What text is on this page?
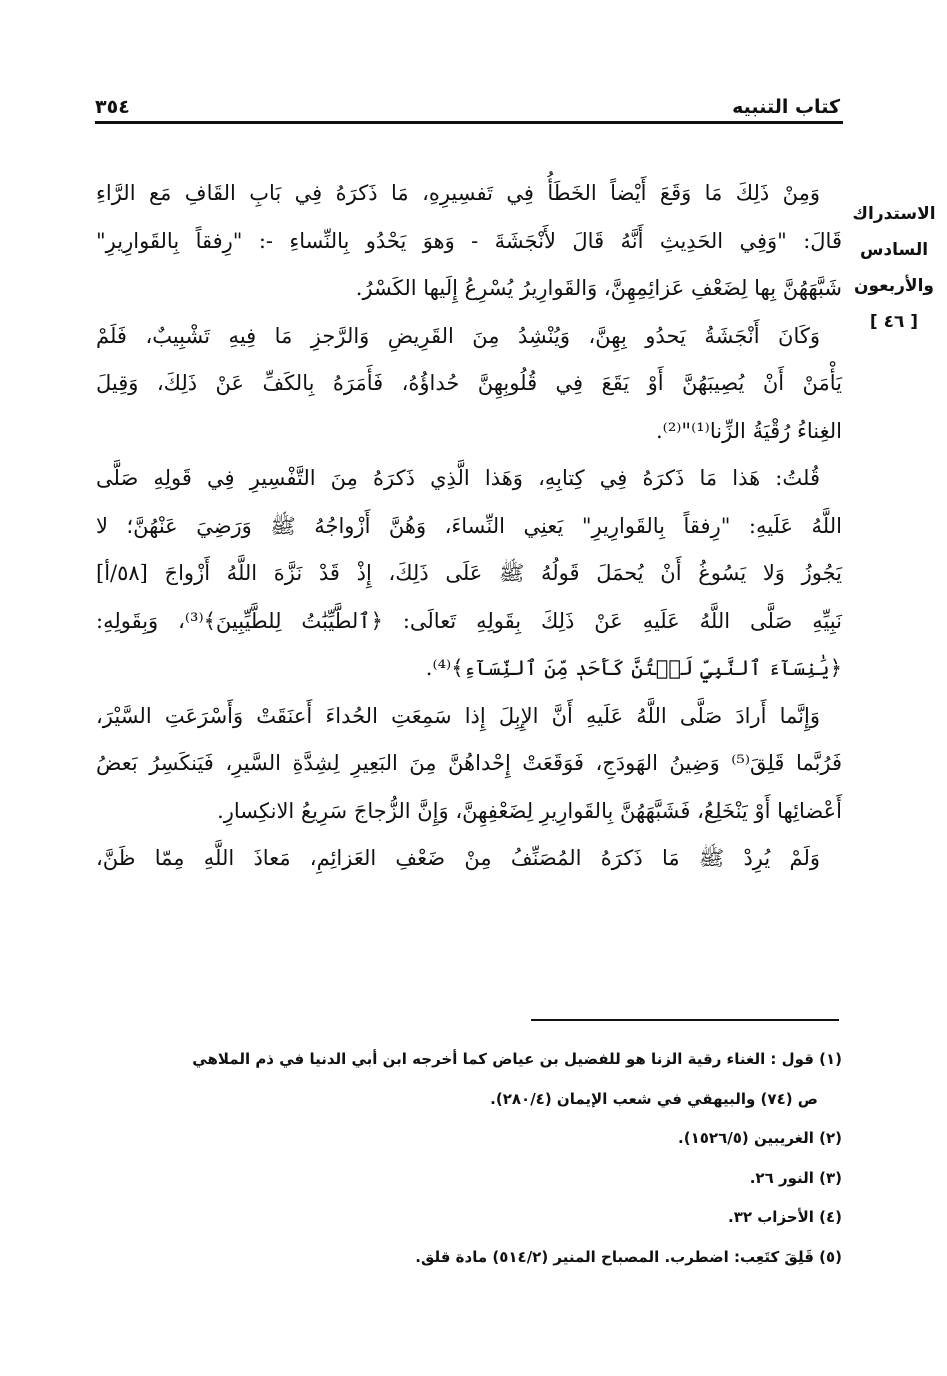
كتاب التنبيه
٣٥٤
الاستدراك
السادس
والأربعون
[ ٤٦ ]

وَمِنْ ذَلِكَ مَا وَقَعَ أَيْضاً الخَطَأُ فِي تَفسِيرِهِ، مَا ذَكرَهُ فِي بَابِ القَافِ مَع الرَّاءِ
قَالَ: "وَفِي الحَدِيثِ أَنَّهُ قَالَ لأَنْجَشَةَ - وَهوَ يَحْدُو بِالنِّساءِ -: "رِفقاً بِالقَوارِيرِ"
شَبَّهَهُنَّ بِها لِضَعْفِ عَزائِمِهِنَّ، وَالقَوارِيرُ يُسْرِعُ إِلَيها الكَسْرُ.

وَكَانَ أَنْجَشَةُ يَحدُو بِهِنَّ، وَيُنْشِدُ مِنَ القَرِيضِ وَالرَّجزِ مَا فِيهِ تَشْبِيبٌ، فَلَمْ
يَأْمَنْ أَنْ يُصِيبَهُنَّ أَوْ يَقَعَ فِي قُلُوبِهِنَّ حُداؤُهُ، فَأَمَرَهُ بِالكَفِّ عَنْ ذَلِكَ، وَقِيلَ
الغِناءُ رُقْيَةُ الزِّنا⁽¹⁾"⁽²⁾.

قُلتُ: هَذا مَا ذَكرَهُ فِي كِتابِهِ، وَهَذا الَّذِي ذَكرَهُ مِنَ التَّفْسِيرِ فِي قَولِهِ صَلَّى
اللَّهُ عَلَيهِ: "رِفقاً بِالقَوارِيرِ" يَعنِي النِّساءَ، وَهُنَّ أَزْواجُهُ ﷺ وَرَضِيَ عَنْهُنَّ؛ لا
يَجُوزُ وَلا يَسُوغُ أَنْ يُحمَلَ قَولُهُ ﷺ عَلَى ذَلِكَ، إِذْ قَدْ نَزَّهَ اللَّهُ أَزْواجَ [٥٨/أ]
نَبِيِّهِ صَلَّى اللَّهُ عَلَيهِ عَنْ ذَلِكَ بِقَولِهِ تَعالَى: ﴿ٱلطَّيِّبَٰتُ لِلطَّيِّبِينَ﴾⁽³⁾، وَبِقَولِهِ:
﴿يَٰنِسَآءَ ٱلنَّبِيِّ لَسۡتُنَّ كَأَحَدٖ مِّنَ ٱلنِّسَآءِ﴾⁽⁴⁾.

وَإِنَّما أَرادَ صَلَّى اللَّهُ عَلَيهِ أَنَّ الإِبِلَ إِذا سَمِعَتِ الحُداءَ أَعنَقَتْ وَأَسْرَعَتِ السَّيْرَ،
فَرُبَّما قَلِقَ⁽⁵⁾ وَضِينُ الهَودَجِ، فَوَقَعَتْ إِحْداهُنَّ مِنَ البَعِيرِ لِشِدَّةِ السَّيرِ، فَيَنكَسِرُ بَعضُ
أَعْضائِها أَوْ يَنْخَلِعُ، فَشَبَّهَهُنَّ بِالقَوارِيرِ لِضَعْفِهِنَّ، وَإِنَّ الزُّجاجَ سَرِيعُ الانكِسارِ.

وَلَمْ يُرِدْ ﷺ مَا ذَكرَهُ المُصَنِّفُ مِنْ ضَعْفِ العَزائِمِ، مَعاذَ اللَّهِ مِمّا ظَنَّ،

(١) قول : الغناء رقية الزنا هو للفضيل بن عياض كما أخرجه ابن أبي الدنيا في ذم الملاهي
ص (٧٤) والبيهقي في شعب الإيمان (٢٨٠/٤).
(٢) الغريبين (١٥٢٦/٥).
(٣) النور ٢٦.
(٤) الأحزاب ٣٢.
(٥) قَلِقَ كتَعِب: اضطرب. المصباح المنير (٥١٤/٢) مادة قلق.
